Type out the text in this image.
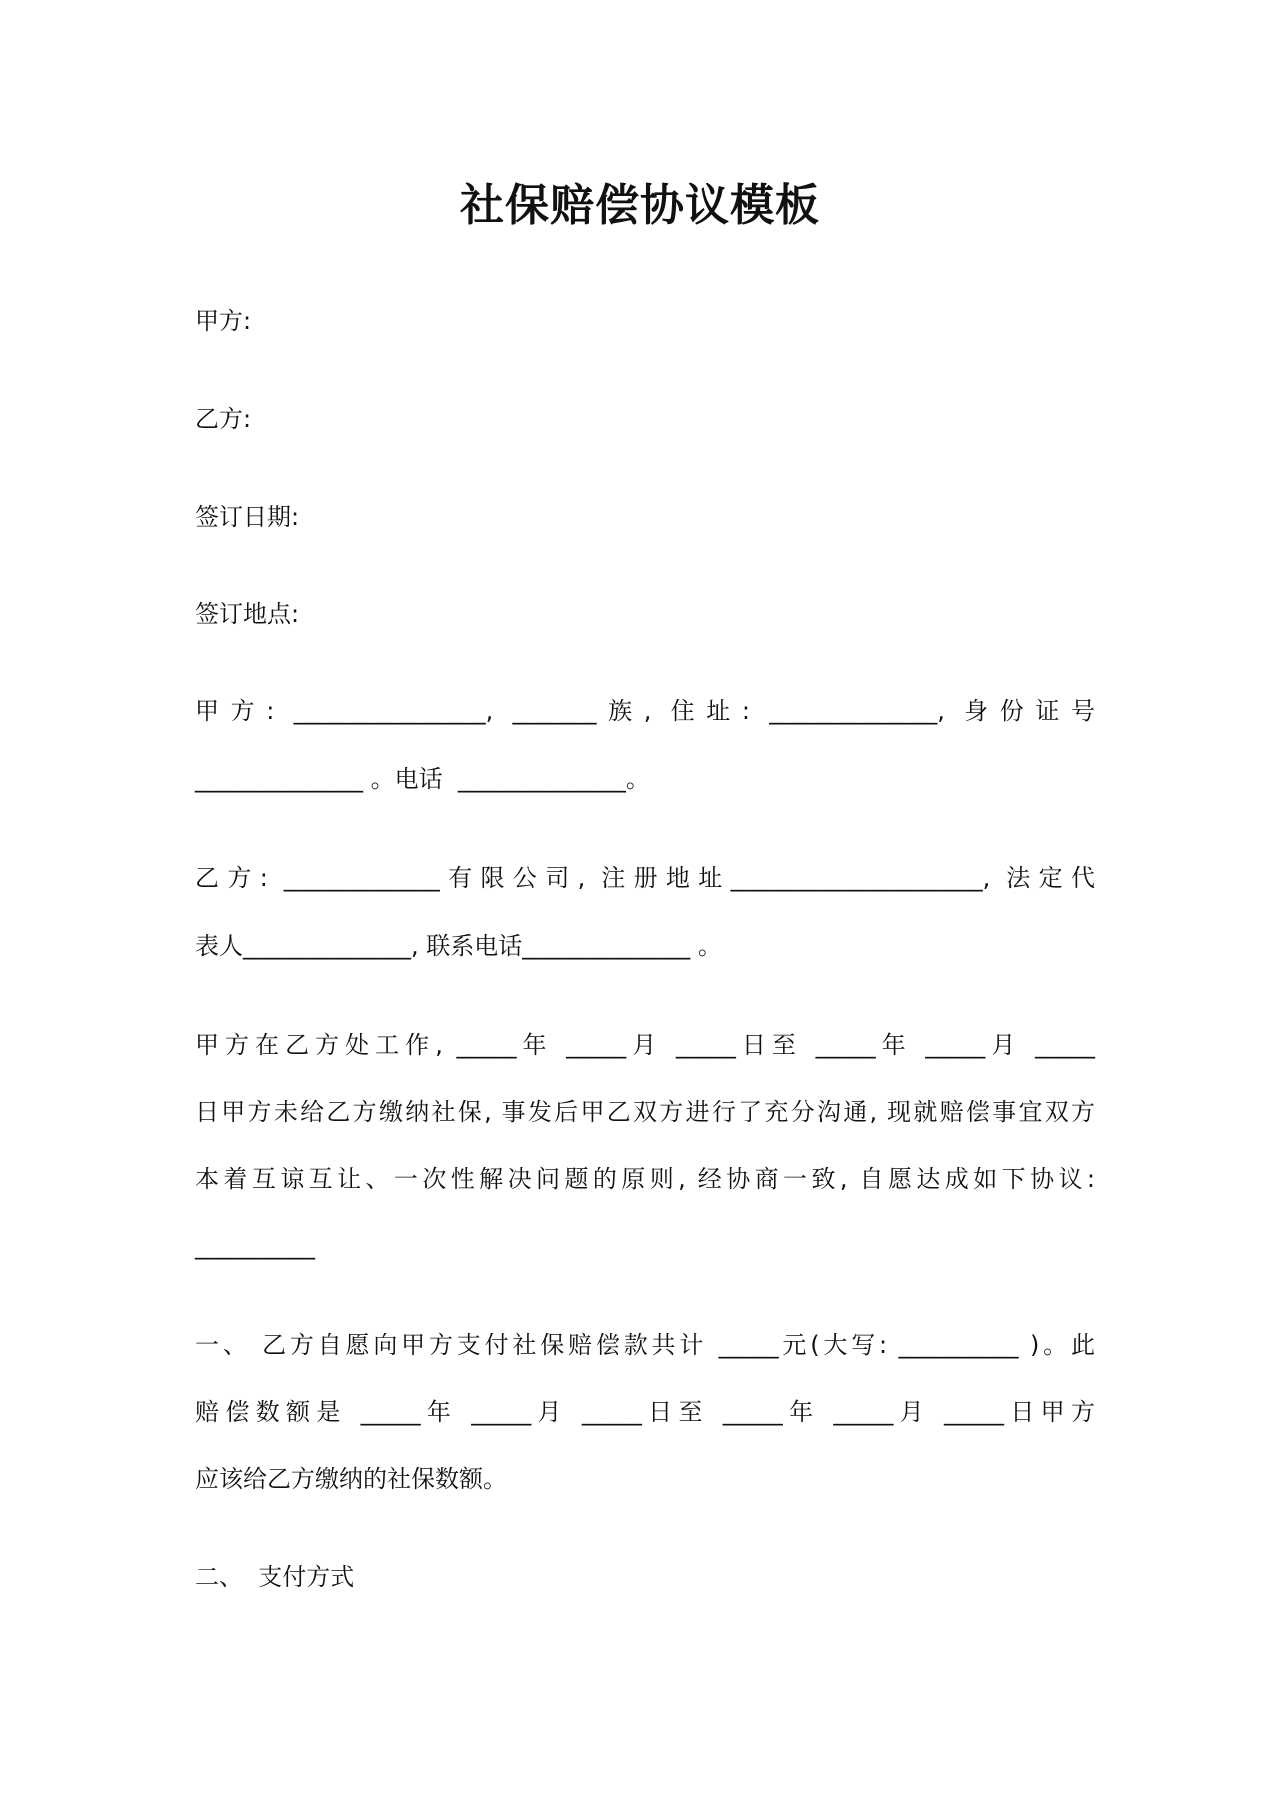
社保赔偿协议模板

甲方:

乙方:

签订日期:

签订地点:

甲方: ________________, _______族, 住址: ______________, 身份证号

______________ 。电话  ______________。

乙方: _____________有限公司, 注册地址_____________________, 法定代

表人______________, 联系电话______________ 。

甲方在乙方处工作, _____年 _____月 _____日至 _____年 _____月 _____

日甲方未给乙方缴纳社保, 事发后甲乙双方进行了充分沟通, 现就赔偿事宜双方

本着互谅互让、一次性解决问题的原则, 经协商一致, 自愿达成如下协议:

__________

一、 乙方自愿向甲方支付社保赔偿款共计 _____元(大写: __________ )。此

赔偿数额是 _____年 _____月 _____日至 _____年 _____月 _____日甲方

应该给乙方缴纳的社保数额。

二、  支付方式
